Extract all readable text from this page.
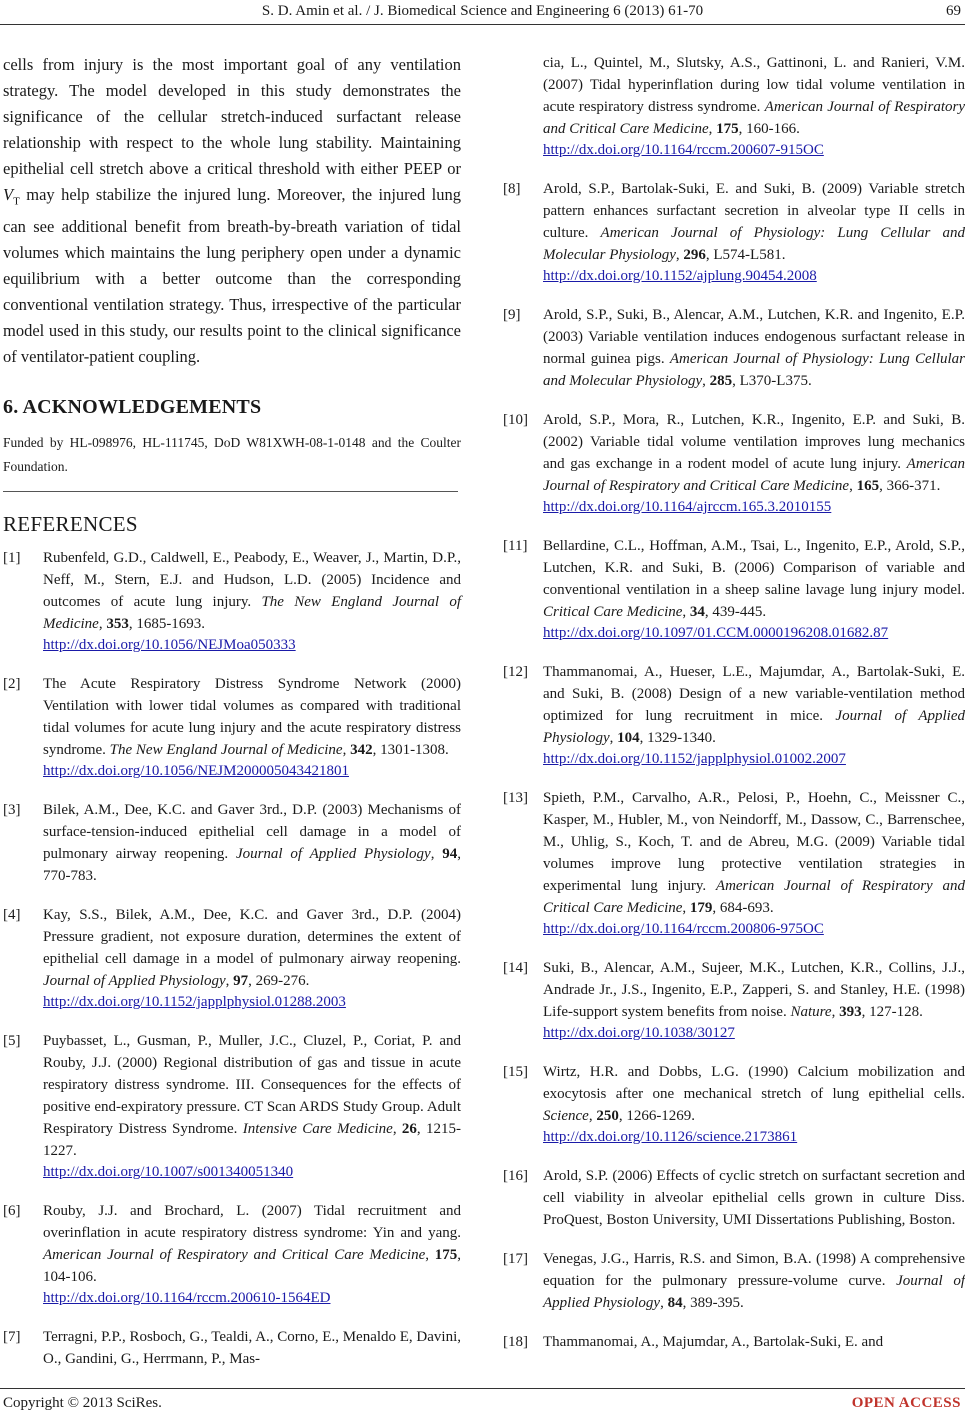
S. D. Amin et al. / J. Biomedical Science and Engineering 6 (2013) 61-70	69

cells from injury is the most important goal of any ventilation strategy. The model developed in this study demonstrates the significance of the cellular stretch-induced surfactant release relationship with respect to the whole lung stability. Maintaining epithelial cell stretch above a critical threshold with either PEEP or $V_T$ may help stabilize the injured lung. Moreover, the injured lung can see additional benefit from breath-by-breath variation of tidal volumes which maintains the lung periphery open under a dynamic equilibrium with a better outcome than the corresponding conventional ventilation strategy. Thus, irrespective of the particular model used in this study, our results point to the clinical significance of ventilator-patient coupling.

6. ACKNOWLEDGEMENTS

Funded by HL-098976, HL-111745, DoD W81XWH-08-1-0148 and the Coulter Foundation.

REFERENCES
[1] Rubenfeld, G.D., Caldwell, E., Peabody, E., Weaver, J., Martin, D.P., Neff, M., Stern, E.J. and Hudson, L.D. (2005) Incidence and outcomes of acute lung injury. The New England Journal of Medicine, 353, 1685-1693.
http://dx.doi.org/10.1056/NEJMoa050333
[2] The Acute Respiratory Distress Syndrome Network (2000) Ventilation with lower tidal volumes as compared with traditional tidal volumes for acute lung injury and the acute respiratory distress syndrome. The New England Journal of Medicine, 342, 1301-1308.
http://dx.doi.org/10.1056/NEJM200005043421801
[3] Bilek, A.M., Dee, K.C. and Gaver 3rd., D.P. (2003) Mechanisms of surface-tension-induced epithelial cell damage in a model of pulmonary airway reopening. Journal of Applied Physiology, 94, 770-783.
[4] Kay, S.S., Bilek, A.M., Dee, K.C. and Gaver 3rd., D.P. (2004) Pressure gradient, not exposure duration, determines the extent of epithelial cell damage in a model of pulmonary airway reopening. Journal of Applied Physiology, 97, 269-276.
http://dx.doi.org/10.1152/japplphysiol.01288.2003
[5] Puybasset, L., Gusman, P., Muller, J.C., Cluzel, P., Coriat, P. and Rouby, J.J. (2000) Regional distribution of gas and tissue in acute respiratory distress syndrome. III. Consequences for the effects of positive end-expiratory pressure. CT Scan ARDS Study Group. Adult Respiratory Distress Syndrome. Intensive Care Medicine, 26, 1215-1227.
http://dx.doi.org/10.1007/s001340051340
[6] Rouby, J.J. and Brochard, L. (2007) Tidal recruitment and overinflation in acute respiratory distress syndrome: Yin and yang. American Journal of Respiratory and Critical Care Medicine, 175, 104-106.
http://dx.doi.org/10.1164/rccm.200610-1564ED
[7] Terragni, P.P., Rosboch, G., Tealdi, A., Corno, E., Menaldo E, Davini, O., Gandini, G., Herrmann, P., Mas-
cia, L., Quintel, M., Slutsky, A.S., Gattinoni, L. and Ranieri, V.M. (2007) Tidal hyperinflation during low tidal volume ventilation in acute respiratory distress syndrome. American Journal of Respiratory and Critical Care Medicine, 175, 160-166.
http://dx.doi.org/10.1164/rccm.200607-915OC
[8] Arold, S.P., Bartolak-Suki, E. and Suki, B. (2009) Variable stretch pattern enhances surfactant secretion in alveolar type II cells in culture. American Journal of Physiology: Lung Cellular and Molecular Physiology, 296, L574-L581.
http://dx.doi.org/10.1152/ajplung.90454.2008
[9] Arold, S.P., Suki, B., Alencar, A.M., Lutchen, K.R. and Ingenito, E.P. (2003) Variable ventilation induces endogenous surfactant release in normal guinea pigs. American Journal of Physiology: Lung Cellular and Molecular Physiology, 285, L370-L375.
[10] Arold, S.P., Mora, R., Lutchen, K.R., Ingenito, E.P. and Suki, B. (2002) Variable tidal volume ventilation improves lung mechanics and gas exchange in a rodent model of acute lung injury. American Journal of Respiratory and Critical Care Medicine, 165, 366-371.
http://dx.doi.org/10.1164/ajrccm.165.3.2010155
[11] Bellardine, C.L., Hoffman, A.M., Tsai, L., Ingenito, E.P., Arold, S.P., Lutchen, K.R. and Suki, B. (2006) Comparison of variable and conventional ventilation in a sheep saline lavage lung injury model. Critical Care Medicine, 34, 439-445.
http://dx.doi.org/10.1097/01.CCM.0000196208.01682.87
[12] Thammanomai, A., Hueser, L.E., Majumdar, A., Bartolak-Suki, E. and Suki, B. (2008) Design of a new variable-ventilation method optimized for lung recruitment in mice. Journal of Applied Physiology, 104, 1329-1340.
http://dx.doi.org/10.1152/japplphysiol.01002.2007
[13] Spieth, P.M., Carvalho, A.R., Pelosi, P., Hoehn, C., Meissner C., Kasper, M., Hubler, M., von Neindorff, M., Dassow, C., Barrenschee, M., Uhlig, S., Koch, T. and de Abreu, M.G. (2009) Variable tidal volumes improve lung protective ventilation strategies in experimental lung injury. American Journal of Respiratory and Critical Care Medicine, 179, 684-693.
http://dx.doi.org/10.1164/rccm.200806-975OC
[14] Suki, B., Alencar, A.M., Sujeer, M.K., Lutchen, K.R., Collins, J.J., Andrade Jr., J.S., Ingenito, E.P., Zapperi, S. and Stanley, H.E. (1998) Life-support system benefits from noise. Nature, 393, 127-128.
http://dx.doi.org/10.1038/30127
[15] Wirtz, H.R. and Dobbs, L.G. (1990) Calcium mobilization and exocytosis after one mechanical stretch of lung epithelial cells. Science, 250, 1266-1269.
http://dx.doi.org/10.1126/science.2173861
[16] Arold, S.P. (2006) Effects of cyclic stretch on surfactant secretion and cell viability in alveolar epithelial cells grown in culture Diss. ProQuest, Boston University, UMI Dissertations Publishing, Boston.
[17] Venegas, J.G., Harris, R.S. and Simon, B.A. (1998) A comprehensive equation for the pulmonary pressure-volume curve. Journal of Applied Physiology, 84, 389-395.
[18] Thammanomai, A., Majumdar, A., Bartolak-Suki, E. and
Copyright © 2013 SciRes.	OPEN ACCESS
